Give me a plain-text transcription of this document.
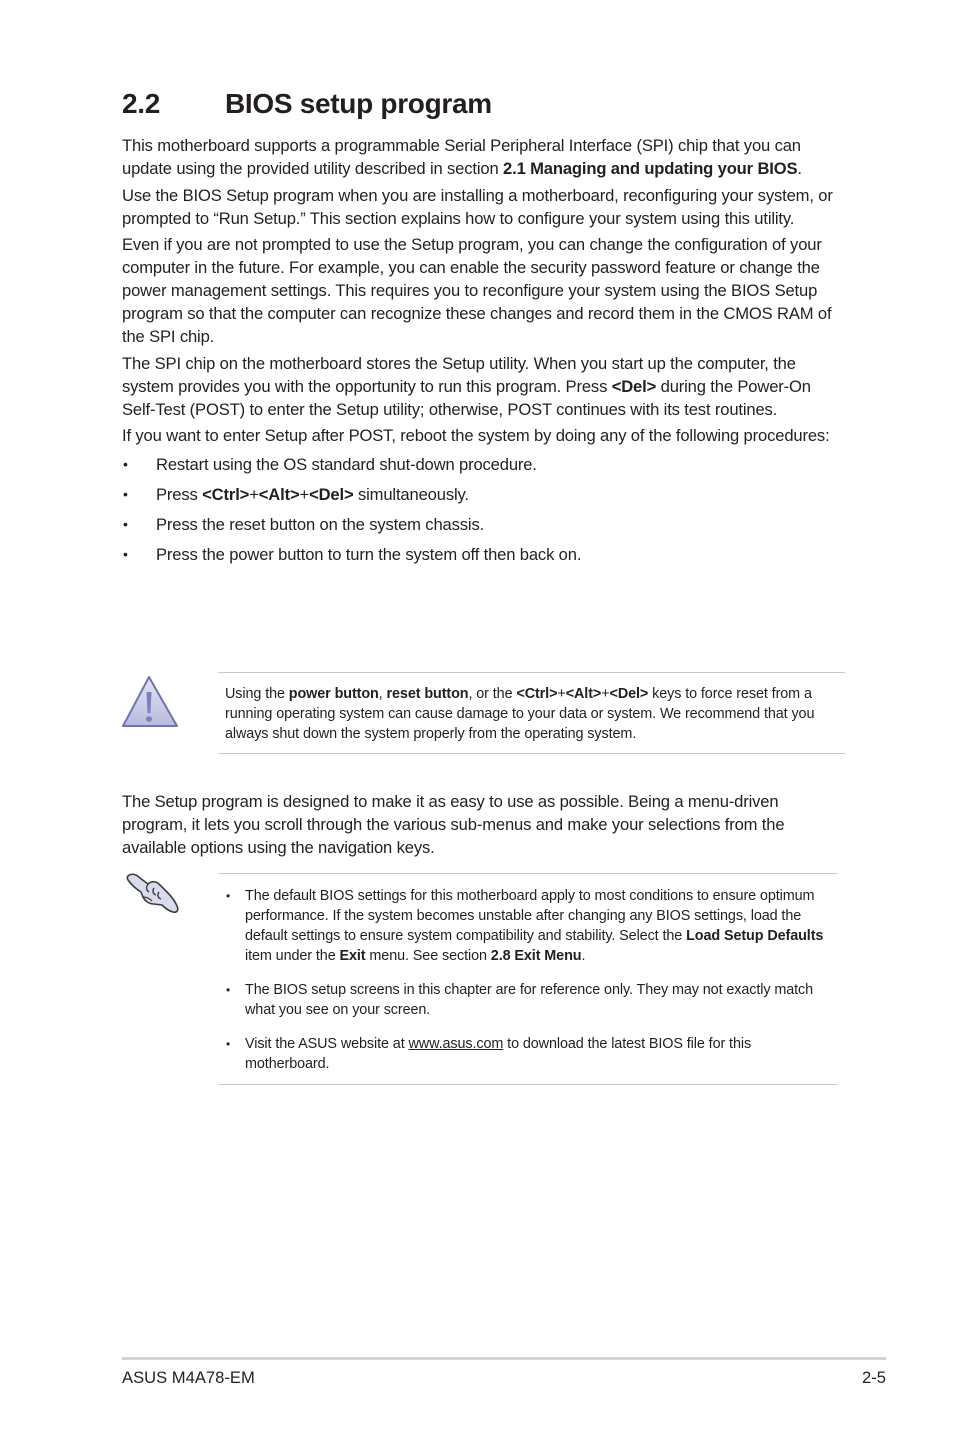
2.2 BIOS setup program

This motherboard supports a programmable Serial Peripheral Interface (SPI) chip that you can update using the provided utility described in section 2.1 Managing and updating your BIOS.

Use the BIOS Setup program when you are installing a motherboard, reconfiguring your system, or prompted to “Run Setup.” This section explains how to configure your system using this utility.

Even if you are not prompted to use the Setup program, you can change the configuration of your computer in the future. For example, you can enable the security password feature or change the power management settings. This requires you to reconfigure your system using the BIOS Setup program so that the computer can recognize these changes and record them in the CMOS RAM of the SPI chip.

The SPI chip on the motherboard stores the Setup utility. When you start up the computer, the system provides you with the opportunity to run this program. Press <Del> during the Power-On Self-Test (POST) to enter the Setup utility; otherwise, POST continues with its test routines.

If you want to enter Setup after POST, reboot the system by doing any of the following procedures:

• Restart using the OS standard shut-down procedure.
• Press <Ctrl>+<Alt>+<Del> simultaneously.
• Press the reset button on the system chassis.
• Press the power button to turn the system off then back on.

Using the power button, reset button, or the <Ctrl>+<Alt>+<Del> keys to force reset from a running operating system can cause damage to your data or system. We recommend that you always shut down the system properly from the operating system.

The Setup program is designed to make it as easy to use as possible. Being a menu-driven program, it lets you scroll through the various sub-menus and make your selections from the available options using the navigation keys.

• The default BIOS settings for this motherboard apply to most conditions to ensure optimum performance. If the system becomes unstable after changing any BIOS settings, load the default settings to ensure system compatibility and stability. Select the Load Setup Defaults item under the Exit menu. See section 2.8 Exit Menu.
• The BIOS setup screens in this chapter are for reference only. They may not exactly match what you see on your screen.
• Visit the ASUS website at www.asus.com to download the latest BIOS file for this motherboard.
ASUS M4A78-EM	2-5
